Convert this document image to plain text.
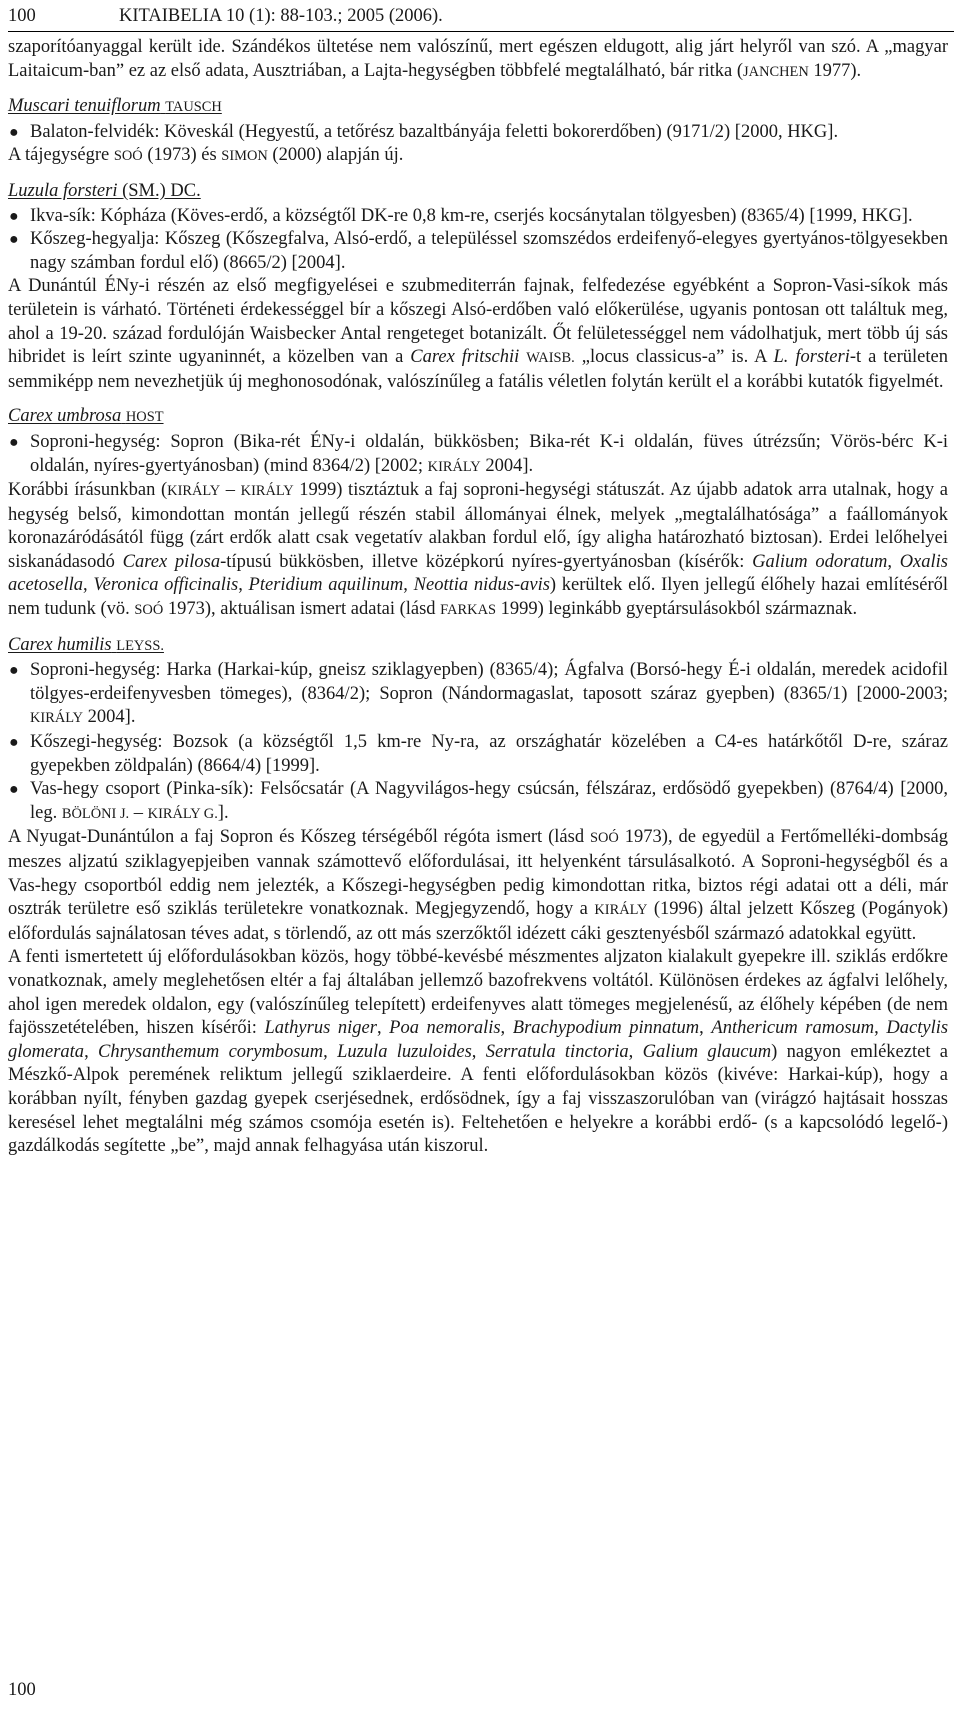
100	KITAIBELIA 10 (1): 88-103.; 2005 (2006).

szaporítóanyaggal került ide. Szándékos ültetése nem valószínű, mert egészen eldugott, alig járt helyről van szó. A „magyar Laitaicum-ban” ez az első adata, Ausztriában, a Lajta-hegységben többfelé megtalálható, bár ritka (JANCHEN 1977).

Muscari tenuiflorum TAUSCH

● Balaton-felvidék: Köveskál (Hegyestű, a tetőrész bazaltbányája feletti bokorerdőben) (9171/2) [2000, HKG].

A tájegységre SOÓ (1973) és SIMON (2000) alapján új.

Luzula forsteri (SM.) DC.

● Ikva-sík: Kópháza (Köves-erdő, a községtől DK-re 0,8 km-re, cserjés kocsánytalan tölgyesben) (8365/4) [1999, HKG].
● Kőszeg-hegyalja: Kőszeg (Kőszegfalva, Alsó-erdő, a településsel szomszédos erdeifenyő-elegyes gyertyános-tölgyesekben nagy számban fordul elő) (8665/2) [2004].

A Dunántúl ÉNy-i részén az első megfigyelései e szubmediterrán fajnak, felfedezése egyébként a Sopron-Vasi-síkok más területein is várható. Történeti érdekességgel bír a kőszegi Alsó-erdőben való előkerülése, ugyanis pontosan ott találtuk meg, ahol a 19-20. század fordulóján Waisbecker Antal rengeteget botanizált. Őt felületességgel nem vádolhatjuk, mert több új sás hibridet is leírt szinte ugyaninnét, a közelben van a Carex fritschii WAISB. „locus classicus-a” is. A L. forsteri-t a területen semmiképp nem nevezhetjük új meghonosodónak, valószínűleg a fatális véletlen folytán került el a korábbi kutatók figyelmét.

Carex umbrosa HOST

● Soproni-hegység: Sopron (Bika-rét ÉNy-i oldalán, bükkösben; Bika-rét K-i oldalán, füves útrézsűn; Vörös-bérc K-i oldalán, nyíres-gyertyánosban) (mind 8364/2) [2002; KIRÁLY 2004].

Korábbi írásunkban (KIRÁLY – KIRÁLY 1999) tisztáztuk a faj soproni-hegységi státuszát. Az újabb adatok arra utalnak, hogy a hegység belső, kimondottan montán jellegű részén stabil állományai élnek, melyek „megtalálhatósága” a faállományok koronazáródásától függ (zárt erdők alatt csak vegetatív alakban fordul elő, így aligha határozható biztosan). Erdei lelőhelyei siskanádasodó Carex pilosa-típusú bükkösben, illetve középkorú nyíres-gyertyánosban (kísérők: Galium odoratum, Oxalis acetosella, Veronica officinalis, Pteridium aquilinum, Neottia nidus-avis) kerültek elő. Ilyen jellegű élőhely hazai említéséről nem tudunk (vö. SOÓ 1973), aktuálisan ismert adatai (lásd FARKAS 1999) leginkább gyeptársulásokból származnak.

Carex humilis LEYSS.

● Soproni-hegység: Harka (Harkai-kúp, gneisz sziklagyepben) (8365/4); Ágfalva (Borsó-hegy É-i oldalán, meredek acidofil tölgyes-erdeifenyvesben tömeges), (8364/2); Sopron (Nándormagaslat, taposott száraz gyepben) (8365/1) [2000-2003; KIRÁLY 2004].
● Kőszegi-hegység: Bozsok (a községtől 1,5 km-re Ny-ra, az országhatár közelében a C4-es határkőtől D-re, száraz gyepekben zöldpalán) (8664/4) [1999].
● Vas-hegy csoport (Pinka-sík): Felsőcsatár (A Nagyvilágos-hegy csúcsán, félszáraz, erdősödő gyepekben) (8764/4) [2000, leg. BÖLÖNI J. – KIRÁLY G.].

A Nyugat-Dunántúlon a faj Sopron és Kőszeg térségéből régóta ismert (lásd SOÓ 1973), de egyedül a Fertőmelléki-dombság meszes aljzatú sziklagyepjeiben vannak számottevő előfordulásai, itt helyenként társulásalkotó. A Soproni-hegységből és a Vas-hegy csoportból eddig nem jelezték, a Kőszegi-hegységben pedig kimondottan ritka, biztos régi adatai ott a déli, már osztrák területre eső sziklás területekre vonatkoznak. Megjegyzendő, hogy a KIRÁLY (1996) által jelzett Kőszeg (Pogányok) előfordulás sajnálatosan téves adat, s törlendő, az ott más szerzőktől idézett cáki gesztenyésből származó adatokkal együtt.

A fenti ismertetett új előfordulásokban közös, hogy többé-kevésbé mészmentes aljzaton kialakult gyepekre ill. sziklás erdőkre vonatkoznak, amely meglehetősen eltér a faj általában jellemző bazofrekvens voltától. Különösen érdekes az ágfalvi lelőhely, ahol igen meredek oldalon, egy (valószínűleg telepített) erdeifenyves alatt tömeges megjelenésű, az élőhely képében (de nem fajösszetételében, hiszen kísérői: Lathyrus niger, Poa nemoralis, Brachypodium pinnatum, Anthericum ramosum, Dactylis glomerata, Chrysanthemum corymbosum, Luzula luzuloides, Serratula tinctoria, Galium glaucum) nagyon emlékeztet a Mészkő-Alpok peremének reliktum jellegű sziklaerdeire. A fenti előfordulásokban közös (kivéve: Harkai-kúp), hogy a korábban nyílt, fényben gazdag gyepek cserjésednek, erdősödnek, így a faj visszaszorulóban van (virágzó hajtásait hosszas keresésel lehet megtalálni még számos csomója esetén is). Feltehetően e helyekre a korábbi erdő- (s a kapcsolódó legelő-) gazdálkodás segítette „be”, majd annak felhagyása után kiszorul.

100
